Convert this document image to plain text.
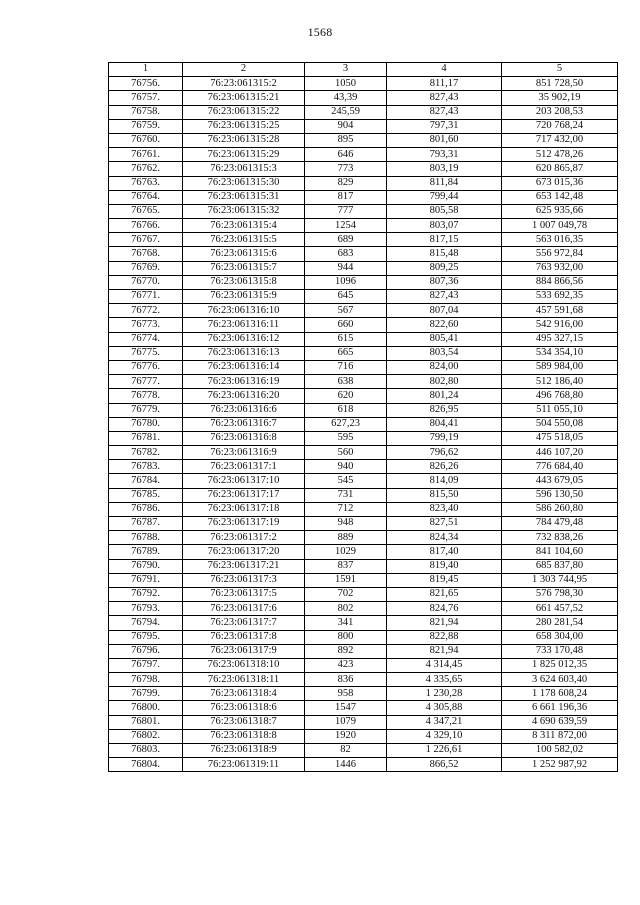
1568
1	2	3	4	5
76756.	76:23:061315:2	1050	811,17	851 728,50
76757.	76:23:061315:21	43,39	827,43	35 902,19
76758.	76:23:061315:22	245,59	827,43	203 208,53
76759.	76:23:061315:25	904	797,31	720 768,24
76760.	76:23:061315:28	895	801,60	717 432,00
76761.	76:23:061315:29	646	793,31	512 478,26
76762.	76:23:061315:3	773	803,19	620 865,87
76763.	76:23:061315:30	829	811,84	673 015,36
76764.	76:23:061315:31	817	799,44	653 142,48
76765.	76:23:061315:32	777	805,58	625 935,66
76766.	76:23:061315:4	1254	803,07	1 007 049,78
76767.	76:23:061315:5	689	817,15	563 016,35
76768.	76:23:061315:6	683	815,48	556 972,84
76769.	76:23:061315:7	944	809,25	763 932,00
76770.	76:23:061315:8	1096	807,36	884 866,56
76771.	76:23:061315:9	645	827,43	533 692,35
76772.	76:23:061316:10	567	807,04	457 591,68
76773.	76:23:061316:11	660	822,60	542 916,00
76774.	76:23:061316:12	615	805,41	495 327,15
76775.	76:23:061316:13	665	803,54	534 354,10
76776.	76:23:061316:14	716	824,00	589 984,00
76777.	76:23:061316:19	638	802,80	512 186,40
76778.	76:23:061316:20	620	801,24	496 768,80
76779.	76:23:061316:6	618	826,95	511 055,10
76780.	76:23:061316:7	627,23	804,41	504 550,08
76781.	76:23:061316:8	595	799,19	475 518,05
76782.	76:23:061316:9	560	796,62	446 107,20
76783.	76:23:061317:1	940	826,26	776 684,40
76784.	76:23:061317:10	545	814,09	443 679,05
76785.	76:23:061317:17	731	815,50	596 130,50
76786.	76:23:061317:18	712	823,40	586 260,80
76787.	76:23:061317:19	948	827,51	784 479,48
76788.	76:23:061317:2	889	824,34	732 838,26
76789.	76:23:061317:20	1029	817,40	841 104,60
76790.	76:23:061317:21	837	819,40	685 837,80
76791.	76:23:061317:3	1591	819,45	1 303 744,95
76792.	76:23:061317:5	702	821,65	576 798,30
76793.	76:23:061317:6	802	824,76	661 457,52
76794.	76:23:061317:7	341	821,94	280 281,54
76795.	76:23:061317:8	800	822,88	658 304,00
76796.	76:23:061317:9	892	821,94	733 170,48
76797.	76:23:061318:10	423	4 314,45	1 825 012,35
76798.	76:23:061318:11	836	4 335,65	3 624 603,40
76799.	76:23:061318:4	958	1 230,28	1 178 608,24
76800.	76:23:061318:6	1547	4 305,88	6 661 196,36
76801.	76:23:061318:7	1079	4 347,21	4 690 639,59
76802.	76:23:061318:8	1920	4 329,10	8 311 872,00
76803.	76:23:061318:9	82	1 226,61	100 582,02
76804.	76:23:061319:11	1446	866,52	1 252 987,92
